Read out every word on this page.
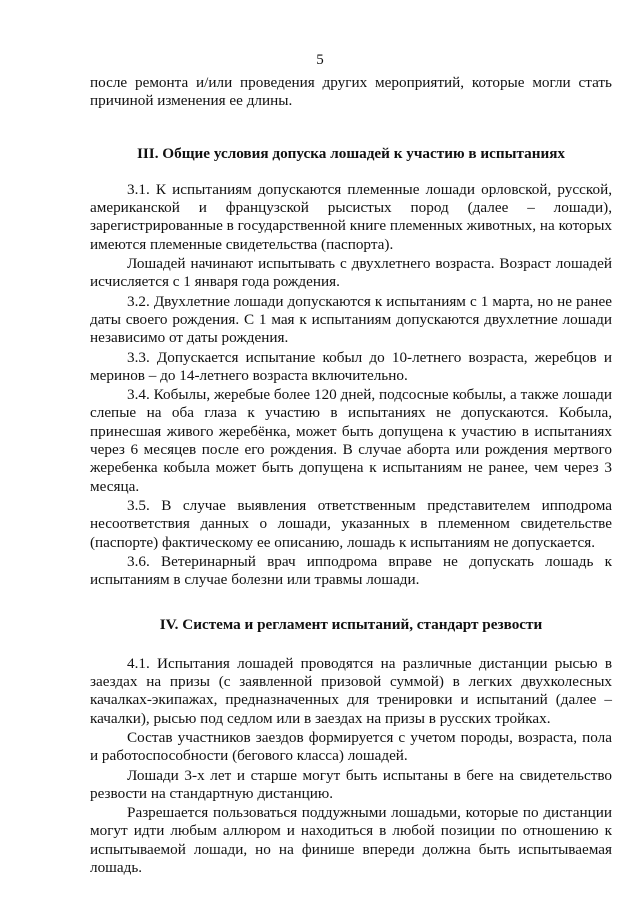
5

после ремонта и/или проведения других мероприятий, которые могли стать причиной изменения ее длины.

III. Общие условия допуска лошадей к участию в испытаниях

3.1. К испытаниям допускаются племенные лошади орловской, русской, американской и французской рысистых пород (далее – лошади), зарегистрированные в государственной книге племенных животных, на которых имеются племенные свидетельства (паспорта).

Лошадей начинают испытывать с двухлетнего возраста. Возраст лошадей исчисляется с 1 января года рождения.

3.2. Двухлетние лошади допускаются к испытаниям с 1 марта, но не ранее даты своего рождения. С 1 мая к испытаниям допускаются двухлетние лошади независимо от даты рождения.

3.3. Допускается испытание кобыл до 10-летнего возраста, жеребцов и меринов – до 14-летнего возраста включительно.

3.4. Кобылы, жеребые более 120 дней, подсосные кобылы, а также лошади слепые на оба глаза к участию в испытаниях не допускаются. Кобыла, принесшая живого жеребёнка, может быть допущена к участию в испытаниях через 6 месяцев после его рождения. В случае аборта или рождения мертвого жеребенка кобыла может быть допущена к испытаниям не ранее, чем через 3 месяца.

3.5. В случае выявления ответственным представителем ипподрома несоответствия данных о лошади, указанных в племенном свидетельстве (паспорте) фактическому ее описанию, лошадь к испытаниям не допускается.

3.6. Ветеринарный врач ипподрома вправе не допускать лошадь к испытаниям в случае болезни или травмы лошади.

IV. Система и регламент испытаний, стандарт резвости

4.1. Испытания лошадей проводятся на различные дистанции рысью в заездах на призы (с заявленной призовой суммой) в легких двухколесных качалках-экипажах, предназначенных для тренировки и испытаний (далее – качалки), рысью под седлом или в заездах на призы в русских тройках.

Состав участников заездов формируется с учетом породы, возраста, пола и работоспособности (бегового класса) лошадей.

Лошади 3-х лет и старше могут быть испытаны в беге на свидетельство резвости на стандартную дистанцию.

Разрешается пользоваться поддужными лошадьми, которые по дистанции могут идти любым аллюром и находиться в любой позиции по отношению к испытываемой лошади, но на финише впереди должна быть испытываемая лошадь.
